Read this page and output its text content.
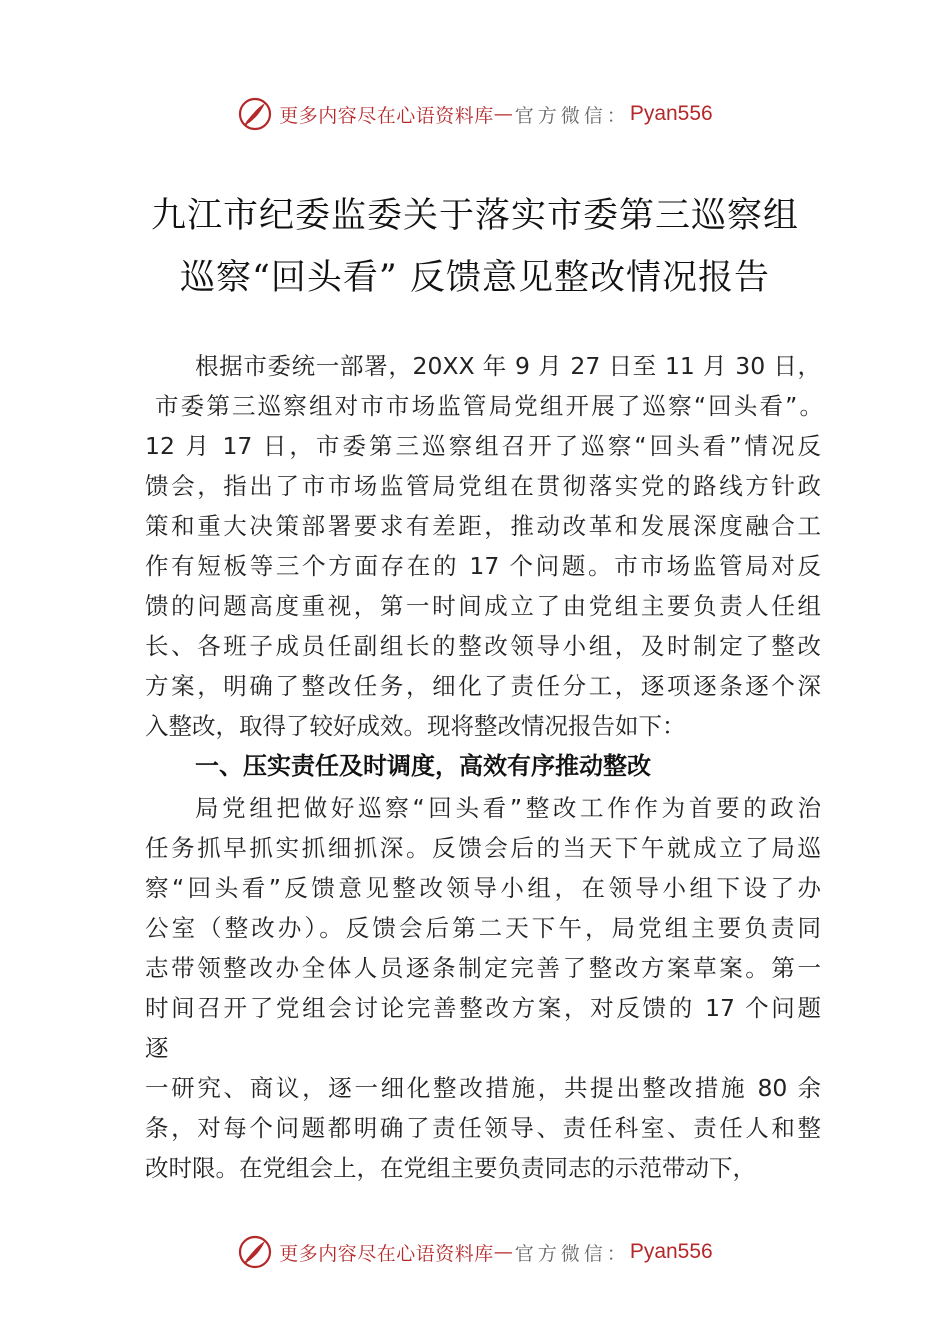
更多内容尽在心语资料库 — 官方微信： Pyan556
九江市纪委监委关于落实市委第三巡察组
巡察“回头看” 反馈意见整改情况报告
根据市委统一部署，20XX 年 9 月 27 日至 11 月 30 日，
市委第三巡察组对市市场监管局党组开展了巡察“回头看”。
12 月 17 日，市委第三巡察组召开了巡察“回头看”情况反
馈会，指出了市市场监管局党组在贯彻落实党的路线方针政
策和重大决策部署要求有差距，推动改革和发展深度融合工
作有短板等三个方面存在的 17 个问题。市市场监管局对反
馈的问题高度重视，第一时间成立了由党组主要负责人任组
长、各班子成员任副组长的整改领导小组，及时制定了整改
方案，明确了整改任务，细化了责任分工，逐项逐条逐个深
入整改，取得了较好成效。现将整改情况报告如下：
一、压实责任及时调度，高效有序推动整改
局党组把做好巡察“回头看”整改工作作为首要的政治
任务抓早抓实抓细抓深。反馈会后的当天下午就成立了局巡
察“回头看”反馈意见整改领导小组，在领导小组下设了办
公室（整改办）。反馈会后第二天下午，局党组主要负责同
志带领整改办全体人员逐条制定完善了整改方案草案。第一
时间召开了党组会讨论完善整改方案，对反馈的 17 个问题
逐
一研究、商议，逐一细化整改措施，共提出整改措施 80 余
条，对每个问题都明确了责任领导、责任科室、责任人和整
改时限。在党组会上，在党组主要负责同志的示范带动下，
更多内容尽在心语资料库 — 官方微信： Pyan556
